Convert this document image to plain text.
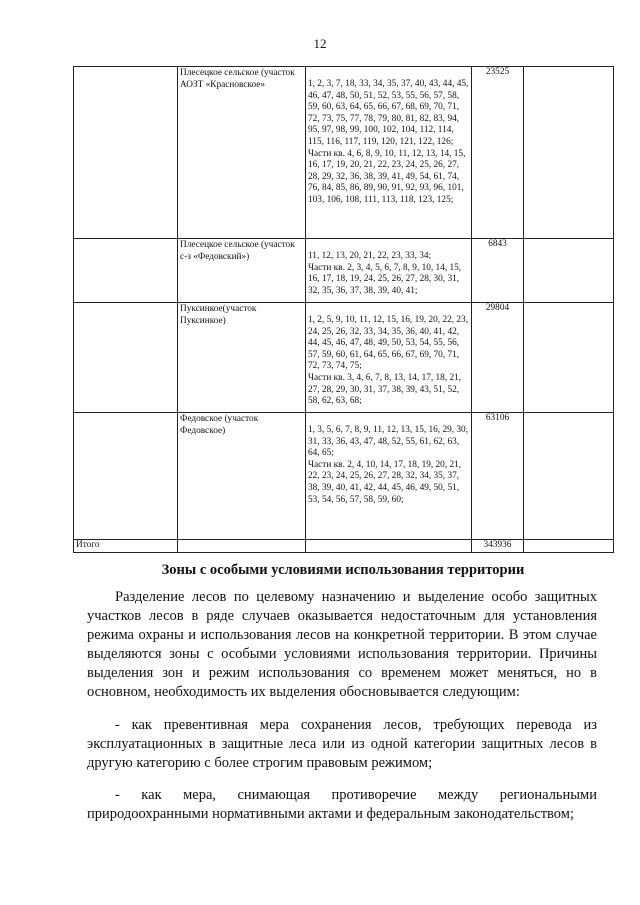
12

	Плесецкое сельское (участок АОЗТ «Красновское»	1, 2, 3, 7, 18, 33, 34, 35, 37, 40, 43, 44, 45, 46, 47, 48, 50, 51, 52, 53, 55, 56, 57, 58, 59, 60, 63, 64, 65, 66, 67, 68, 69, 70, 71, 72, 73, 75, 77, 78, 79, 80, 81, 82, 83, 94, 95, 97, 98, 99, 100, 102, 104, 112, 114, 115, 116, 117, 119, 120, 121, 122, 126;
Части кв. 4, 6, 8, 9, 10, 11, 12, 13, 14, 15, 16, 17, 19, 20, 21, 22, 23, 24, 25, 26, 27, 28, 29, 32, 36, 38, 39, 41, 49, 54, 61, 74, 76, 84, 85, 86, 89, 90, 91, 92, 93, 96, 101, 103, 106, 108, 111, 113, 118, 123, 125;	23525	

	Плесецкое сельское (участок с-з «Федовский»)	11, 12, 13, 20, 21, 22, 23, 33, 34;
Части кв. 2, 3, 4, 5, 6, 7, 8, 9, 10, 14, 15, 16, 17, 18, 19, 24, 25, 26, 27, 28, 30, 31, 32, 35, 36, 37, 38, 39, 40, 41;	6843	

	Пуксинкое(участок Пуксинкое)	1, 2, 5, 9, 10, 11, 12, 15, 16, 19, 20, 22, 23, 24, 25, 26, 32, 33, 34, 35, 36, 40, 41, 42, 44, 45, 46, 47, 48, 49, 50, 53, 54, 55, 56, 57, 59, 60, 61, 64, 65, 66, 67, 69, 70, 71, 72, 73, 74, 75;
Части кв. 3, 4, 6, 7, 8, 13, 14, 17, 18, 21, 27, 28, 29, 30, 31, 37, 38, 39, 43, 51, 52, 58, 62, 63, 68;	29804	

	Федовское (участок Федовское)	1, 3, 5, 6, 7, 8, 9, 11, 12, 13, 15, 16, 29, 30, 31, 33, 36, 43, 47, 48, 52, 55, 61, 62, 63, 64, 65;
Части кв. 2, 4, 10, 14, 17, 18, 19, 20, 21, 22, 23, 24, 25, 26, 27, 28, 32, 34, 35, 37, 38, 39, 40, 41, 42, 44, 45, 46, 49, 50, 51, 53, 54, 56, 57, 58, 59, 60;	63106	
Итого			343936	
Зоны с особыми условиями использования территории

Разделение лесов по целевому назначению и выделение особо защитных участков лесов в ряде случаев оказывается недостаточным для установления режима охраны и использования лесов на конкретной территории. В этом случае выделяются зоны с особыми условиями использования территории. Причины выделения зон и режим использования со временем может меняться, но в основном, необходимость их выделения обосновывается следующим:

- как превентивная мера сохранения лесов, требующих перевода из эксплуатационных в защитные леса или из одной категории защитных лесов в другую категорию с более строгим правовым режимом;

- как мера, снимающая противоречие между региональными природоохранными нормативными актами и федеральным законодательством;
